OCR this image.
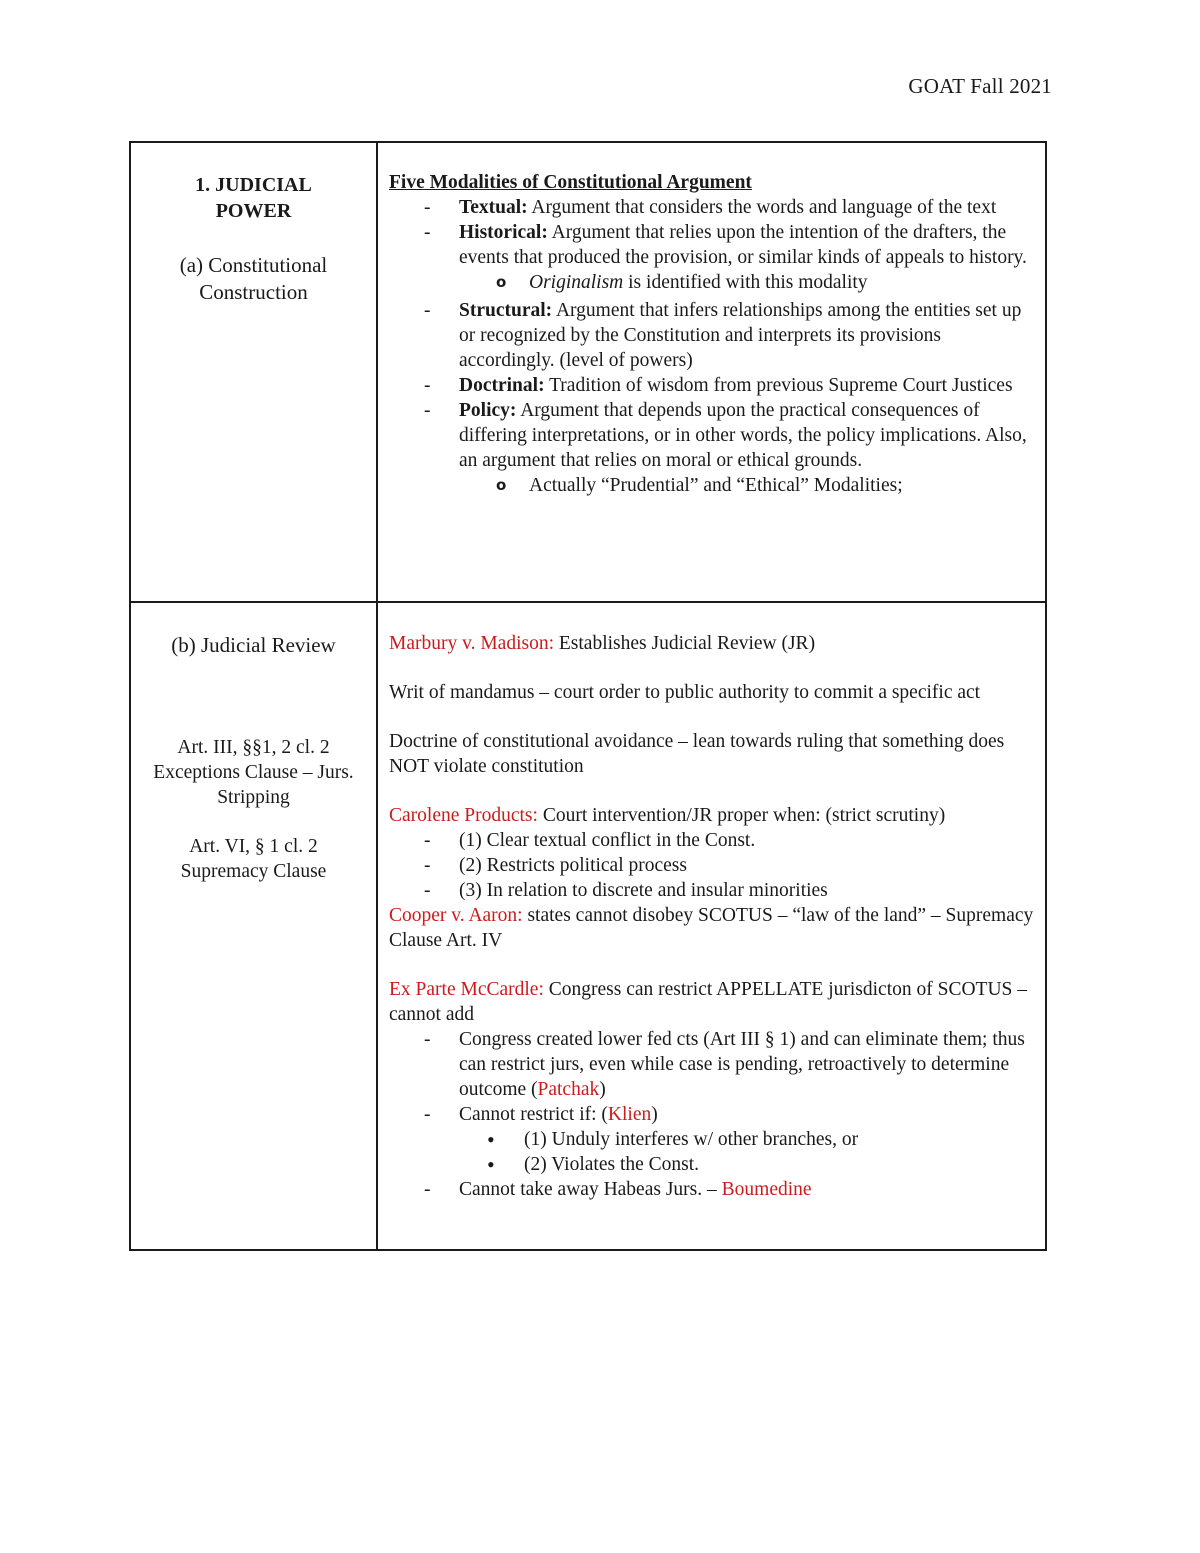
GOAT Fall 2021
1. JUDICIAL
POWER
(a) Constitutional
Construction
Five Modalities of Constitutional Argument
- Textual: Argument that considers the words and language of the text
- Historical: Argument that relies upon the intention of the drafters, the events that produced the provision, or similar kinds of appeals to history.
o Originalism is identified with this modality
- Structural: Argument that infers relationships among the entities set up or recognized by the Constitution and interprets its provisions accordingly. (level of powers)
- Doctrinal: Tradition of wisdom from previous Supreme Court Justices
- Policy: Argument that depends upon the practical consequences of differing interpretations, or in other words, the policy implications. Also, an argument that relies on moral or ethical grounds.
o Actually “Prudential” and “Ethical” Modalities;
(b) Judicial Review
Art. III, §§1, 2 cl. 2
Exceptions Clause – Jurs.
Stripping
Art. VI, § 1 cl. 2
Supremacy Clause
Marbury v. Madison: Establishes Judicial Review (JR)
Writ of mandamus – court order to public authority to commit a specific act
Doctrine of constitutional avoidance – lean towards ruling that something does NOT violate constitution
Carolene Products: Court intervention/JR proper when: (strict scrutiny)
- (1) Clear textual conflict in the Const.
- (2) Restricts political process
- (3) In relation to discrete and insular minorities
Cooper v. Aaron: states cannot disobey SCOTUS – “law of the land” – Supremacy Clause Art. IV
Ex Parte McCardle: Congress can restrict APPELLATE jurisdicton of SCOTUS – cannot add
- Congress created lower fed cts (Art III § 1) and can eliminate them; thus can restrict jurs, even while case is pending, retroactively to determine outcome (Patchak)
- Cannot restrict if: (Klien)
• (1) Unduly interferes w/ other branches, or
• (2) Violates the Const.
- Cannot take away Habeas Jurs. – Boumedine
